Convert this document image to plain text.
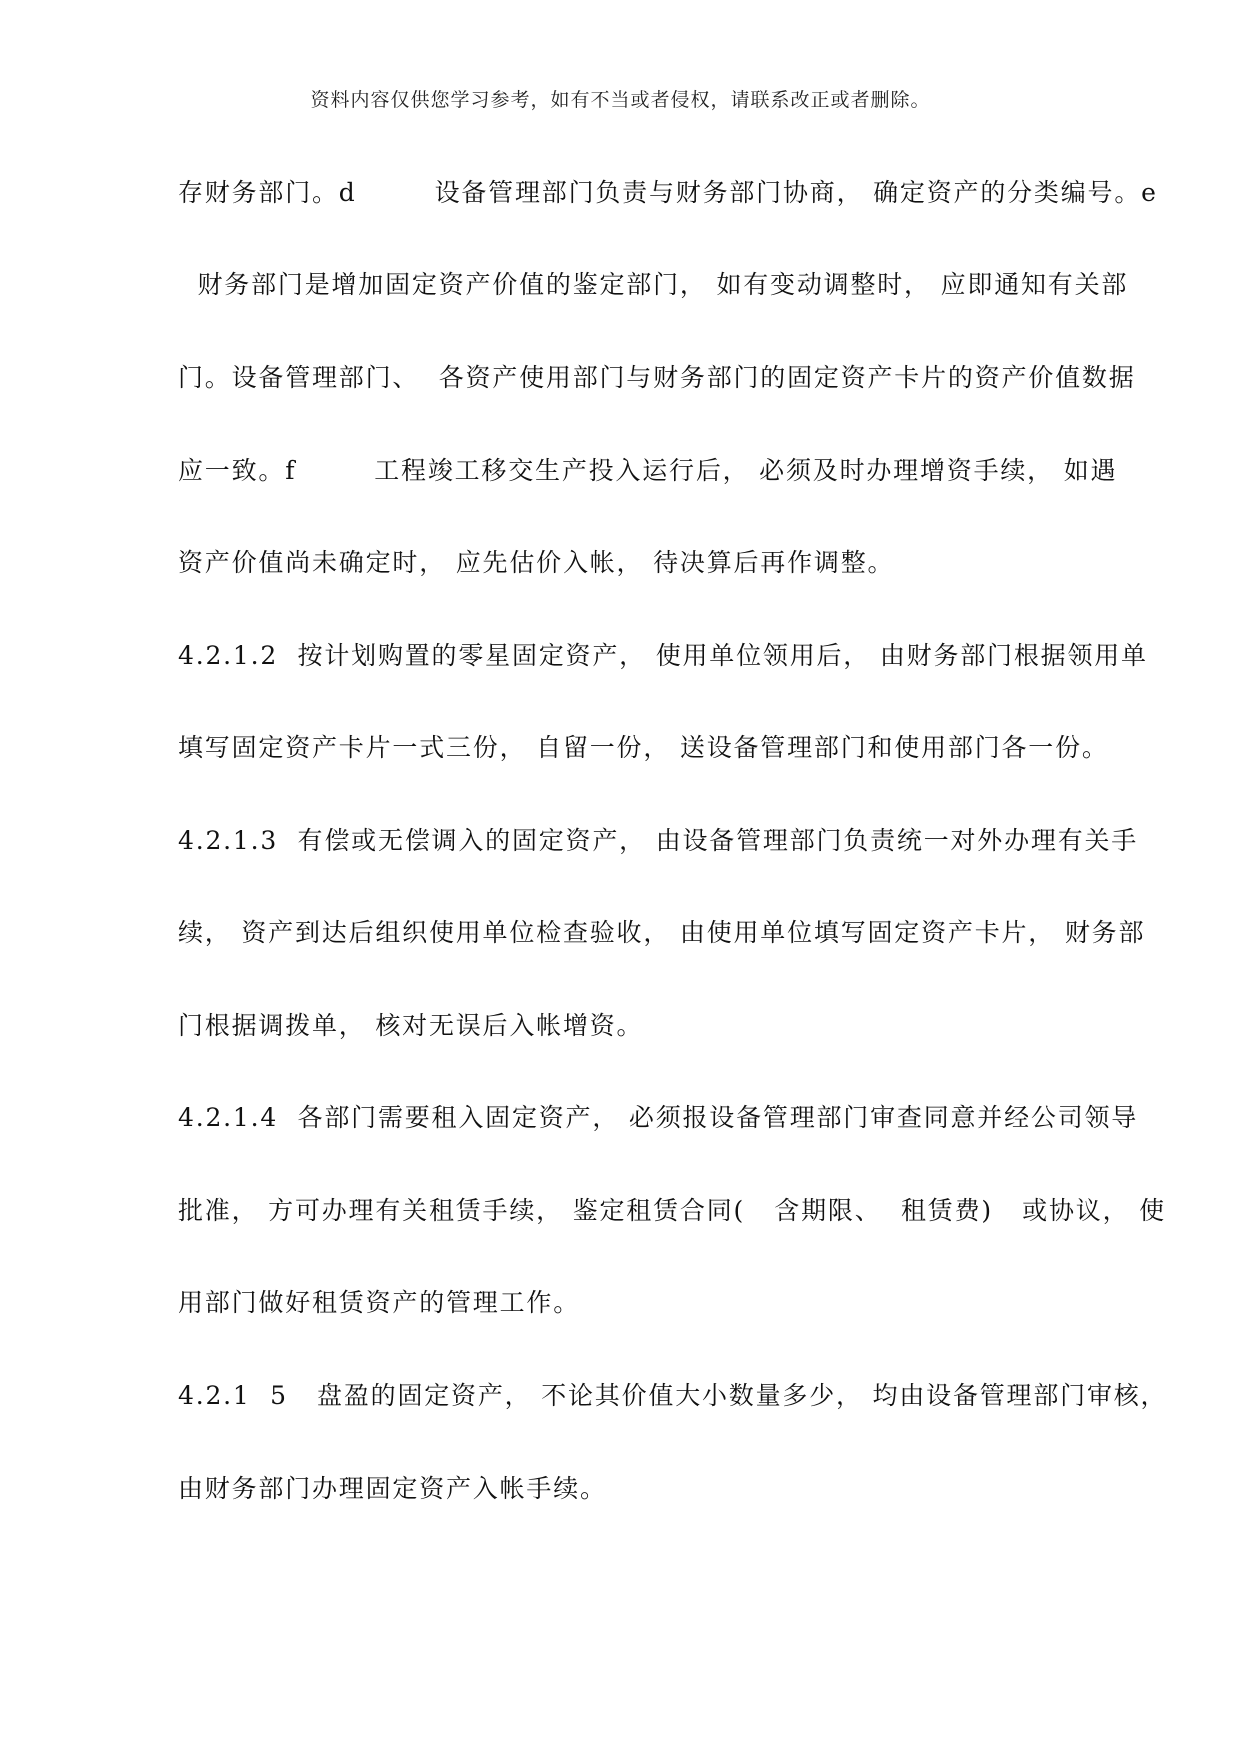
资料内容仅供您学习参考，如有不当或者侵权，请联系改正或者删除。
存财务部门。d        设备管理部门负责与财务部门协商， 确定资产的分类编号。e
财务部门是增加固定资产价值的鉴定部门， 如有变动调整时， 应即通知有关部
门。设备管理部门、  各资产使用部门与财务部门的固定资产卡片的资产价值数据
应一致。f        工程竣工移交生产投入运行后， 必须及时办理增资手续， 如遇
资产价值尚未确定时， 应先估价入帐， 待决算后再作调整。
4.2.1.2  按计划购置的零星固定资产， 使用单位领用后， 由财务部门根据领用单
填写固定资产卡片一式三份， 自留一份， 送设备管理部门和使用部门各一份。
4.2.1.3  有偿或无偿调入的固定资产， 由设备管理部门负责统一对外办理有关手
续， 资产到达后组织使用单位检查验收， 由使用单位填写固定资产卡片， 财务部
门根据调拨单， 核对无误后入帐增资。
4.2.1.4  各部门需要租入固定资产， 必须报设备管理部门审查同意并经公司领导
批准， 方可办理有关租赁手续， 鉴定租赁合同(   含期限、  租赁费)   或协议， 使
用部门做好租赁资产的管理工作。
4.2.1  5   盘盈的固定资产， 不论其价值大小数量多少， 均由设备管理部门审核，
由财务部门办理固定资产入帐手续。
